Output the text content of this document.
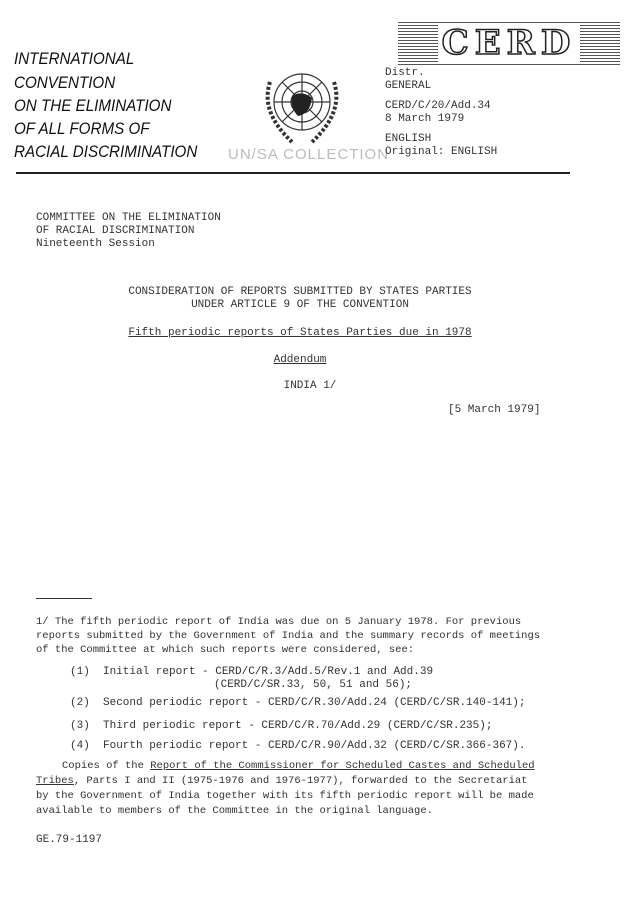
INTERNATIONAL
CONVENTION
ON THE ELIMINATION
OF ALL FORMS OF
RACIAL DISCRIMINATION
CERD
UN/SA COLLECTION
Distr.
GENERAL
CERD/C/20/Add.34
8 March 1979
ENGLISH
Original: ENGLISH
COMMITTEE ON THE ELIMINATION
OF RACIAL DISCRIMINATION
Nineteenth Session
CONSIDERATION OF REPORTS SUBMITTED BY STATES PARTIES
UNDER ARTICLE 9 OF THE CONVENTION
Fifth periodic reports of States Parties due in 1978
Addendum
INDIA 1/
[5 March 1979]
1/ The fifth periodic report of India was due on 5 January 1978. For previous
reports submitted by the Government of India and the summary records of meetings
of the Committee at which such reports were considered, see:
(1) Initial report - CERD/C/R.3/Add.5/Rev.1 and Add.39
(CERD/C/SR.33, 50, 51 and 56);
(2) Second periodic report - CERD/C/R.30/Add.24 (CERD/C/SR.140-141);
(3) Third periodic report - CERD/C/R.70/Add.29 (CERD/C/SR.235);
(4) Fourth periodic report - CERD/C/R.90/Add.32 (CERD/C/SR.366-367).
Copies of the Report of the Commissioner for Scheduled Castes and Scheduled
Tribes, Parts I and II (1975-1976 and 1976-1977), forwarded to the Secretariat
by the Government of India together with its fifth periodic report will be made
available to members of the Committee in the original language.
GE.79-1197
